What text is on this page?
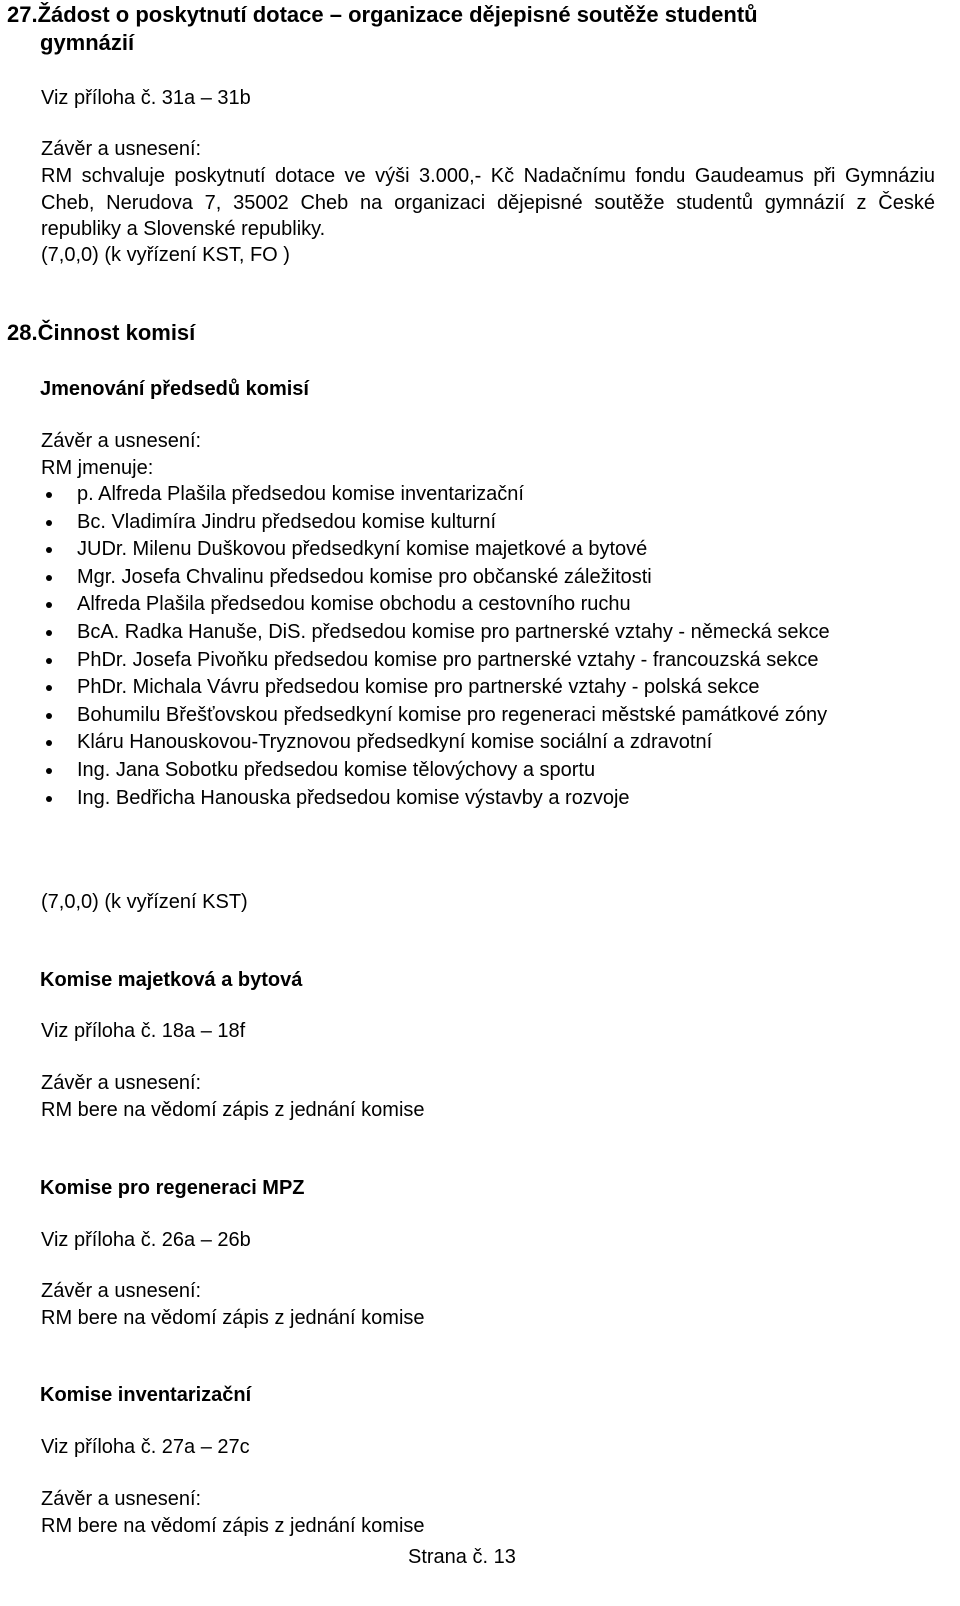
27.Žádost o poskytnutí dotace – organizace dějepisné soutěže studentů
gymnázií
Viz příloha č. 31a – 31b
Závěr a usnesení:
RM schvaluje poskytnutí dotace ve výši 3.000,- Kč Nadačnímu fondu Gaudeamus při Gymnáziu Cheb, Nerudova 7, 35002 Cheb na organizaci dějepisné soutěže studentů gymnázií z České republiky a Slovenské republiky.
(7,0,0) (k vyřízení KST, FO )
28.Činnost komisí
Jmenování předsedů komisí
Závěr a usnesení:
RM jmenuje:
p. Alfreda Plašila předsedou komise inventarizační
Bc. Vladimíra Jindru předsedou komise kulturní
JUDr. Milenu Duškovou předsedkyní komise majetkové a bytové
Mgr. Josefa Chvalinu předsedou komise pro občanské záležitosti
Alfreda Plašila předsedou komise obchodu a cestovního ruchu
BcA. Radka Hanuše, DiS. předsedou komise pro partnerské vztahy - německá sekce
PhDr. Josefa Pivoňku předsedou komise pro partnerské vztahy - francouzská sekce
PhDr. Michala Vávru předsedou komise pro partnerské vztahy - polská sekce
Bohumilu Břešťovskou předsedkyní komise pro regeneraci městské památkové zóny
Kláru Hanouskovou-Tryznovou předsedkyní komise sociální a zdravotní
Ing. Jana Sobotku předsedou komise tělovýchovy a sportu
Ing. Bedřicha Hanouska předsedou komise výstavby a rozvoje
(7,0,0) (k vyřízení KST)
Komise majetková a bytová
Viz příloha č. 18a – 18f
Závěr a usnesení:
RM bere na vědomí zápis z jednání komise
Komise pro regeneraci MPZ
Viz příloha č. 26a – 26b
Závěr a usnesení:
RM bere na vědomí zápis z jednání komise
Komise inventarizační
Viz příloha č. 27a – 27c
Závěr a usnesení:
RM bere na vědomí zápis z jednání komise
Strana č. 13
